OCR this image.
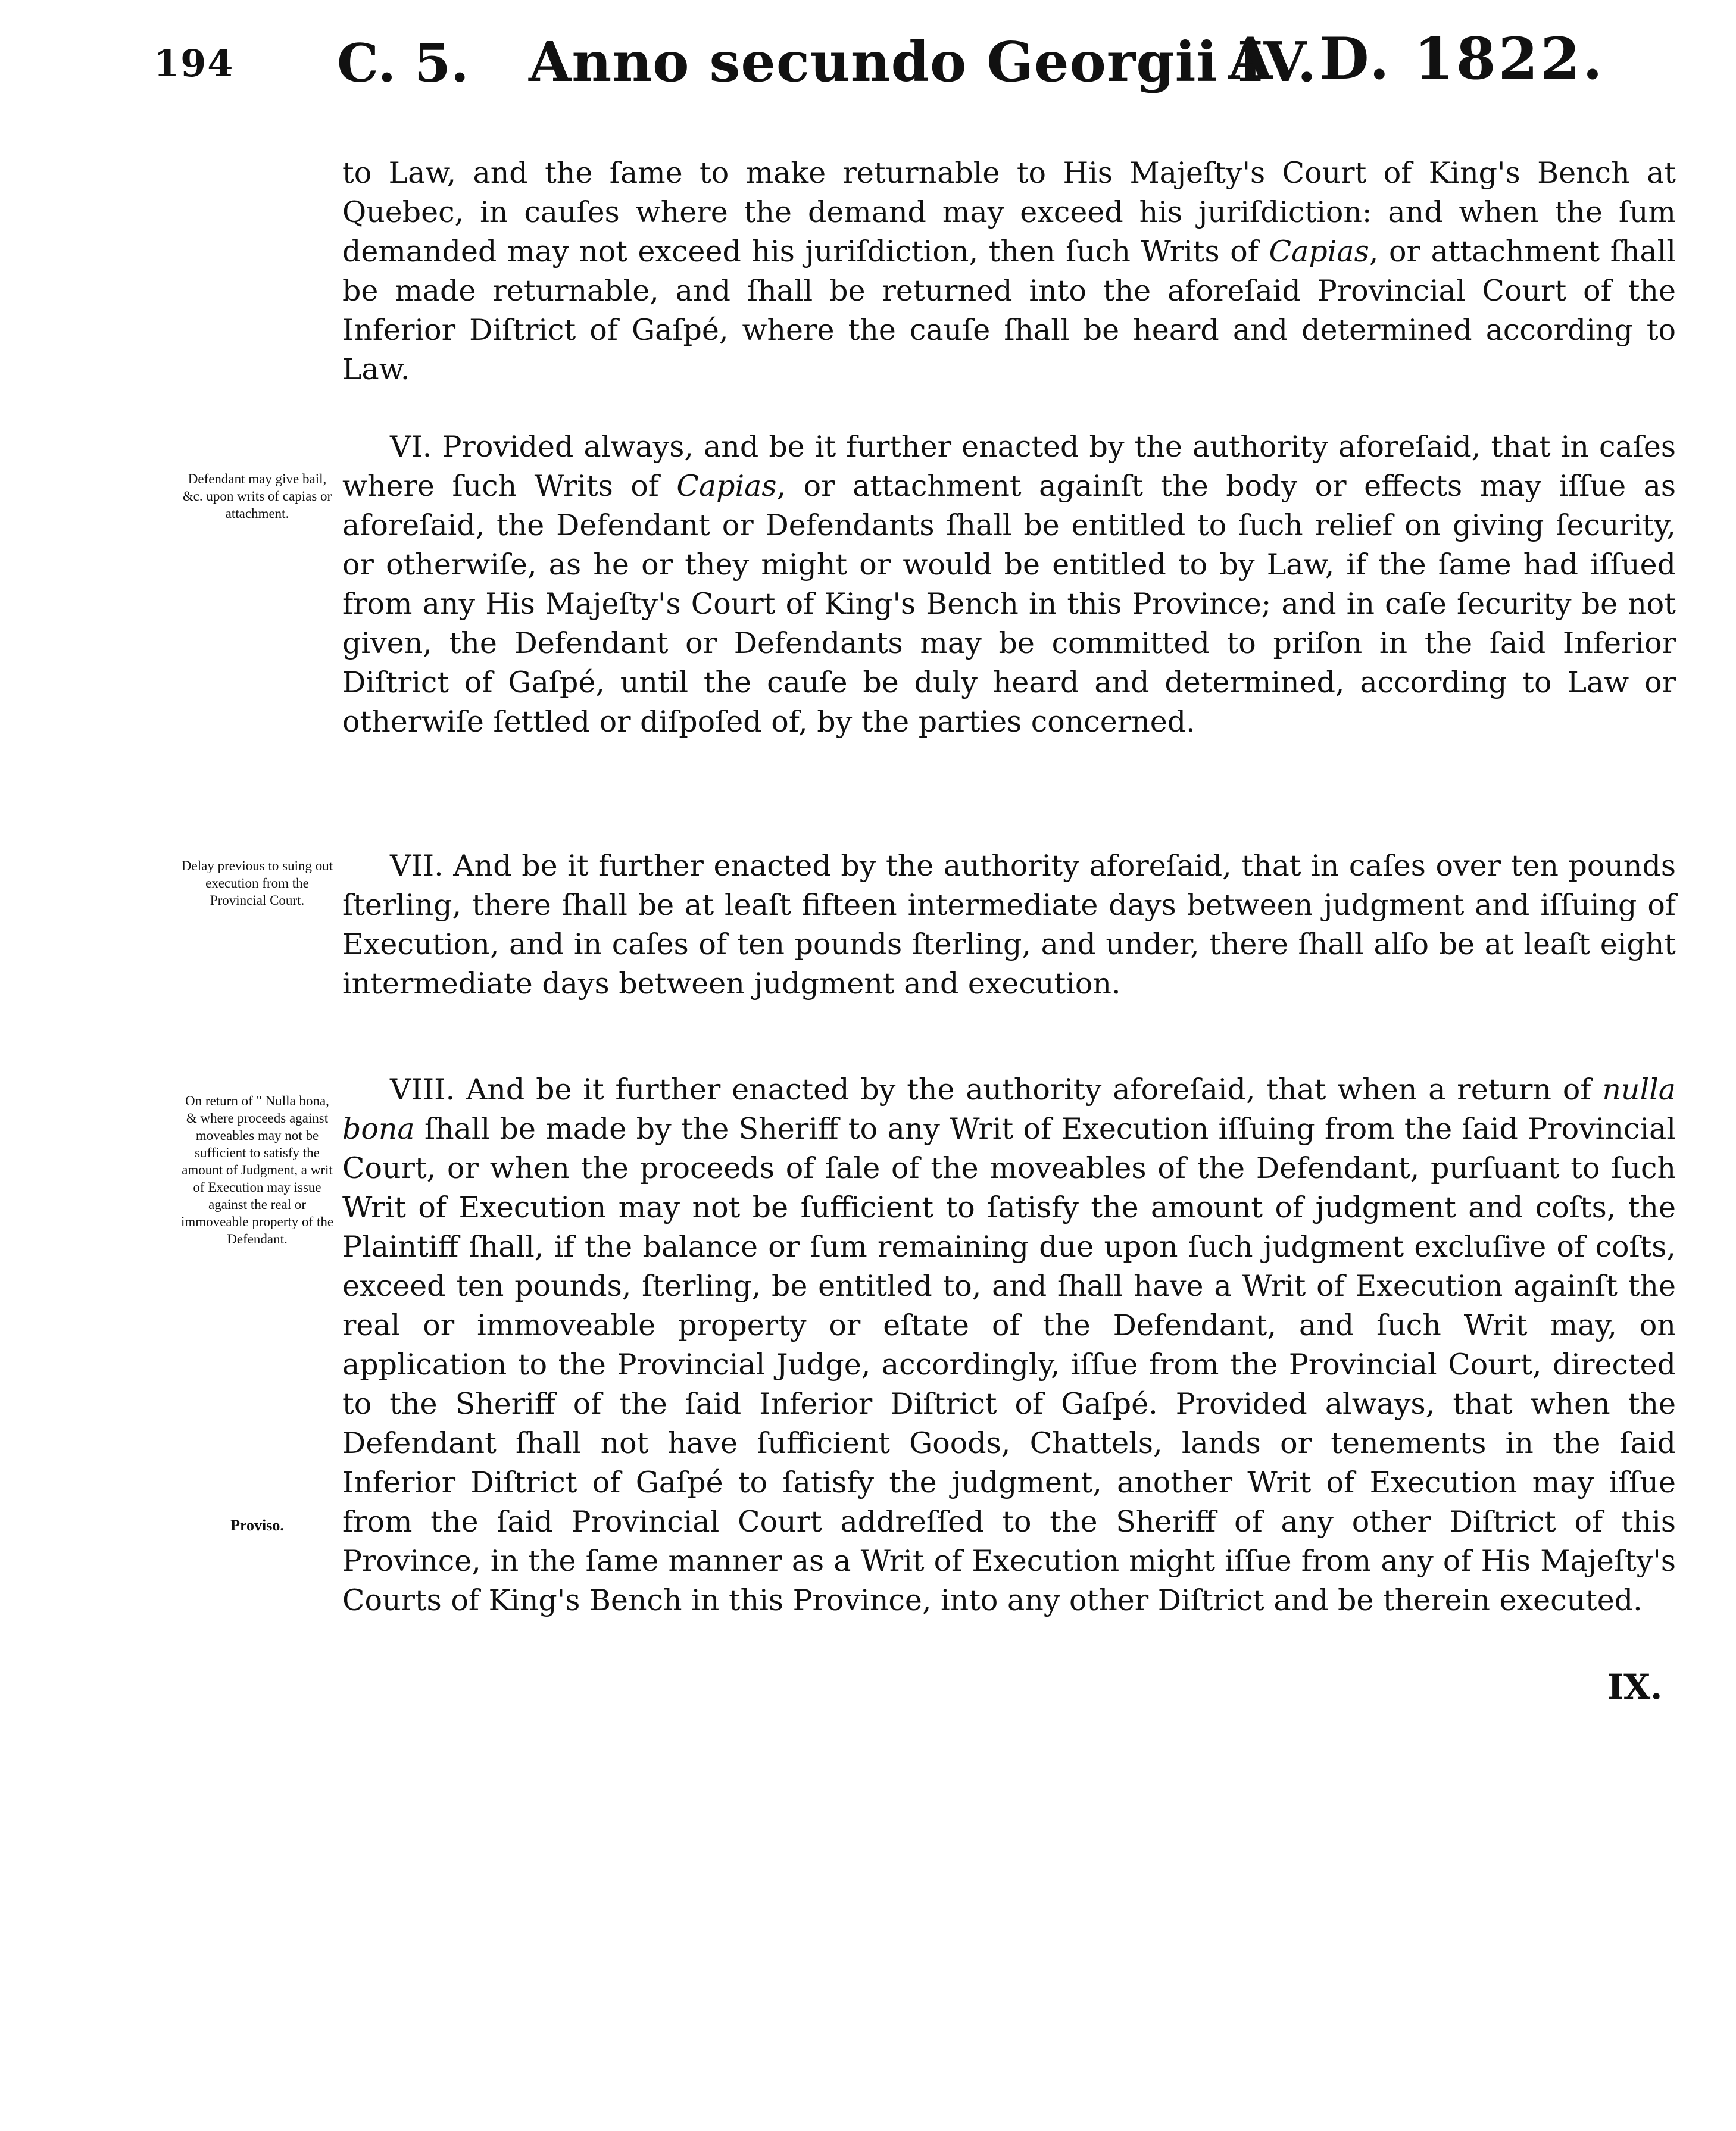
194 C. 5. Anno secundo Georgii IV.
A. D. 1822.

to Law, and the ſame to make returnable to His Majeſty's Court of King's Bench at Quebec, in cauſes where the demand may exceed his juriſdiction: and when the ſum demanded may not exceed his juriſdiction, then ſuch Writs of Capias, or attachment ſhall be made returnable, and ſhall be returned into the aforeſaid Provincial Court of the Inferior Diſtrict of Gaſpé, where the cauſe ſhall be heard and determined according to Law.

Defendant may give bail, &c. upon writs of capias or attachment.

VI. Provided always, and be it further enacted by the authority aforeſaid, that in caſes where ſuch Writs of Capias, or attachment againſt the body or effects may iſſue as aforeſaid, the Defendant or Defendants ſhall be entitled to ſuch relief on giving ſecurity, or otherwiſe, as he or they might or would be entitled to by Law, if the ſame had iſſued from any His Majeſty's Court of King's Bench in this Province; and in caſe ſecurity be not given, the Defendant or Defendants may be committed to priſon in the ſaid Inferior Diſtrict of Gaſpé, until the cauſe be duly heard and determined, according to Law or otherwiſe ſettled or diſpoſed of, by the parties concerned.

Delay previous to suing out execution from the Provincial Court.

VII. And be it further enacted by the authority aforeſaid, that in caſes over ten pounds ſterling, there ſhall be at leaſt fifteen intermediate days between judgment and iſſuing of Execution, and in caſes of ten pounds ſterling, and under, there ſhall alſo be at leaſt eight intermediate days between judgment and execution.

On return of " Nulla bona, & where proceeds against moveables may not be sufficient to satisfy the amount of Judgment, a writ of Execution may issue against the real or immoveable property of the Defendant.
Proviso.

VIII. And be it further enacted by the authority aforeſaid, that when a return of nulla bona ſhall be made by the Sheriff to any Writ of Execution iſſuing from the ſaid Provincial Court, or when the proceeds of ſale of the moveables of the Defendant, purſuant to ſuch Writ of Execution may not be ſufficient to ſatisfy the amount of judgment and coſts, the Plaintiff ſhall, if the balance or ſum remaining due upon ſuch judgment excluſive of coſts, exceed ten pounds, ſterling, be entitled to, and ſhall have a Writ of Execution againſt the real or immoveable property or eſtate of the Defendant, and ſuch Writ may, on application to the Provincial Judge, accordingly, iſſue from the Provincial Court, directed to the Sheriff of the ſaid Inferior Diſtrict of Gaſpé. Provided always, that when the Defendant ſhall not have ſufficient Goods, Chattels, lands or tenements in the ſaid Inferior Diſtrict of Gaſpé to ſatisfy the judgment, another Writ of Execution may iſſue from the ſaid Provincial Court addreſſed to the Sheriff of any other Diſtrict of this Province, in the ſame manner as a Writ of Execution might iſſue from any of His Majeſty's Courts of King's Bench in this Province, into any other Diſtrict and be therein executed.

IX.
